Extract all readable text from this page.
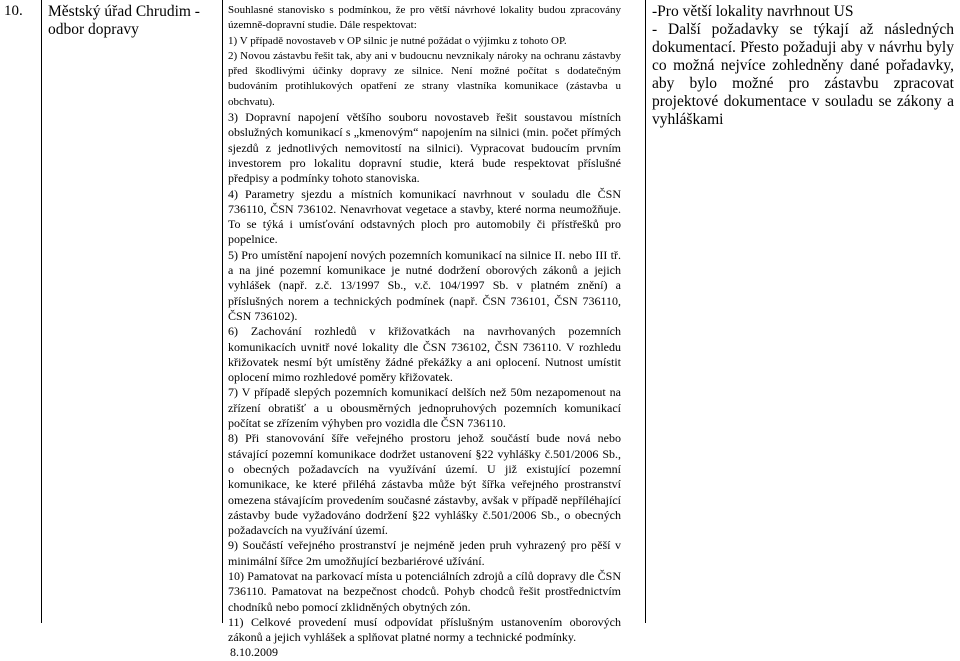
10. Městský úřad Chrudim - odbor dopravy

Souhlasné stanovisko s podmínkou, že pro větší návrhové lokality budou zpracovány územně-dopravní studie. Dále respektovat:

1) V případě novostaveb v OP silnic je nutné požádat o výjimku z tohoto OP.

2) Novou zástavbu řešit tak, aby ani v budoucnu nevznikaly nároky na ochranu zástavby před škodlivými účinky dopravy ze silnice. Není možné počítat s dodatečným budováním protihlukových opatření ze strany vlastníka komunikace (zástavba u obchvatu).

3) Dopravní napojení většího souboru novostaveb řešit soustavou místních obslužných komunikací s „kmenovým“ napojením na silnici (min. počet přímých sjezdů z jednotlivých nemovitostí na silnici). Vypracovat budoucím prvním investorem pro lokalitu dopravní studie, která bude respektovat příslušné předpisy a podmínky tohoto stanoviska.

4) Parametry sjezdu a místních komunikací navrhnout v souladu dle ČSN 736110, ČSN 736102. Nenavrhovat vegetace a stavby, které norma neumožňuje. To se týká i umísťování odstavných ploch pro automobily či přístřešků pro popelnice.

5) Pro umístění napojení nových pozemních komunikací na silnice II. nebo III tř. a na jiné pozemní komunikace je nutné dodržení oborových zákonů a jejich vyhlášek (např. z.č. 13/1997 Sb., v.č. 104/1997 Sb. v platném znění) a příslušných norem a technických podmínek (např. ČSN 736101, ČSN 736110, ČSN 736102).

6) Zachování rozhledů v křižovatkách na navrhovaných pozemních komunikacích uvnitř nové lokality dle ČSN 736102, ČSN 736110. V rozhledu křižovatek nesmí být umístěny žádné překážky a ani oplocení. Nutnost umístit oplocení mimo rozhledové poměry křižovatek.

7) V případě slepých pozemních komunikací delších než 50m nezapomenout na zřízení obratišť a u obousměrných jednopruhových pozemních komunikací počítat se zřízením výhyben pro vozidla dle ČSN 736110.

8) Při stanovování šíře veřejného prostoru jehož součástí bude nová nebo stávající pozemní komunikace dodržet ustanovení §22 vyhlášky č.501/2006 Sb., o obecných požadavcích na využívání území. U již existující pozemní komunikace, ke které přiléhá zástavba může být šířka veřejného prostranství omezena stávajícím provedením současné zástavby, avšak v případě nepříléhající zástavby bude vyžadováno dodržení §22 vyhlášky č.501/2006 Sb., o obecných požadavcích na využívání území.

9) Součástí veřejného prostranství je nejméně jeden pruh vyhrazený pro pěší v minimální šířce 2m umožňující bezbariérové užívání.

10) Pamatovat na parkovací místa u potenciálních zdrojů a cílů dopravy dle ČSN 736110. Pamatovat na bezpečnost chodců. Pohyb chodců řešit prostřednictvím chodníků nebo pomocí zklidněných obytných zón.

11) Celkové provedení musí odpovídat příslušným ustanovením oborových zákonů a jejich vyhlášek a splňovat platné normy a technické podmínky.

8.10.2009

-Pro větší lokality navrhnout US

- Další požadavky se týkají až následných dokumentací. Přesto požaduji aby v návrhu byly co možná nejvíce zohledněny dané pořadavky, aby bylo možné pro zástavbu zpracovat projektové dokumentace v souladu se zákony a vyhláškami
